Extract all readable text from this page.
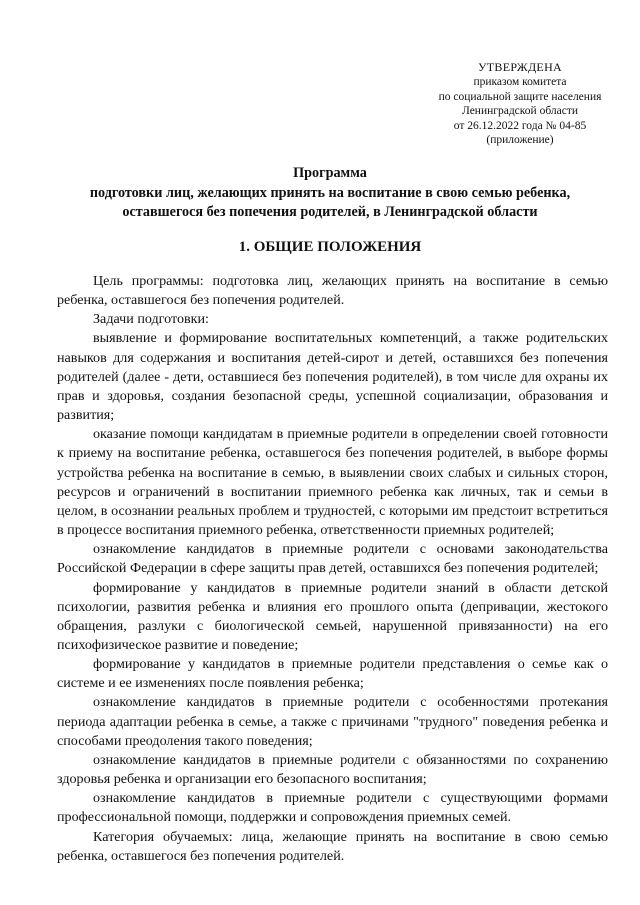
УТВЕРЖДЕНА
приказом комитета
по социальной защите населения
Ленинградской области
от 26.12.2022 года № 04-85
(приложение)
Программа
подготовки лиц, желающих принять на воспитание в свою семью ребенка,
оставшегося без попечения родителей, в Ленинградской области
1. ОБЩИЕ ПОЛОЖЕНИЯ

Цель программы: подготовка лиц, желающих принять на воспитание в семью ребенка, оставшегося без попечения родителей.

Задачи подготовки:

выявление и формирование воспитательных компетенций, а также родительских навыков для содержания и воспитания детей-сирот и детей, оставшихся без попечения родителей (далее - дети, оставшиеся без попечения родителей), в том числе для охраны их прав и здоровья, создания безопасной среды, успешной социализации, образования и развития;

оказание помощи кандидатам в приемные родители в определении своей готовности к приему на воспитание ребенка, оставшегося без попечения родителей, в выборе формы устройства ребенка на воспитание в семью, в выявлении своих слабых и сильных сторон, ресурсов и ограничений в воспитании приемного ребенка как личных, так и семьи в целом, в осознании реальных проблем и трудностей, с которыми им предстоит встретиться в процессе воспитания приемного ребенка, ответственности приемных родителей;

ознакомление кандидатов в приемные родители с основами законодательства Российской Федерации в сфере защиты прав детей, оставшихся без попечения родителей;

формирование у кандидатов в приемные родители знаний в области детской психологии, развития ребенка и влияния его прошлого опыта (депривации, жестокого обращения, разлуки с биологической семьей, нарушенной привязанности) на его психофизическое развитие и поведение;

формирование у кандидатов в приемные родители представления о семье как о системе и ее изменениях после появления ребенка;

ознакомление кандидатов в приемные родители с особенностями протекания периода адаптации ребенка в семье, а также с причинами "трудного" поведения ребенка и способами преодоления такого поведения;

ознакомление кандидатов в приемные родители с обязанностями по сохранению здоровья ребенка и организации его безопасного воспитания;

ознакомление кандидатов в приемные родители с существующими формами профессиональной помощи, поддержки и сопровождения приемных семей.

Категория обучаемых: лица, желающие принять на воспитание в свою семью ребенка, оставшегося без попечения родителей.
